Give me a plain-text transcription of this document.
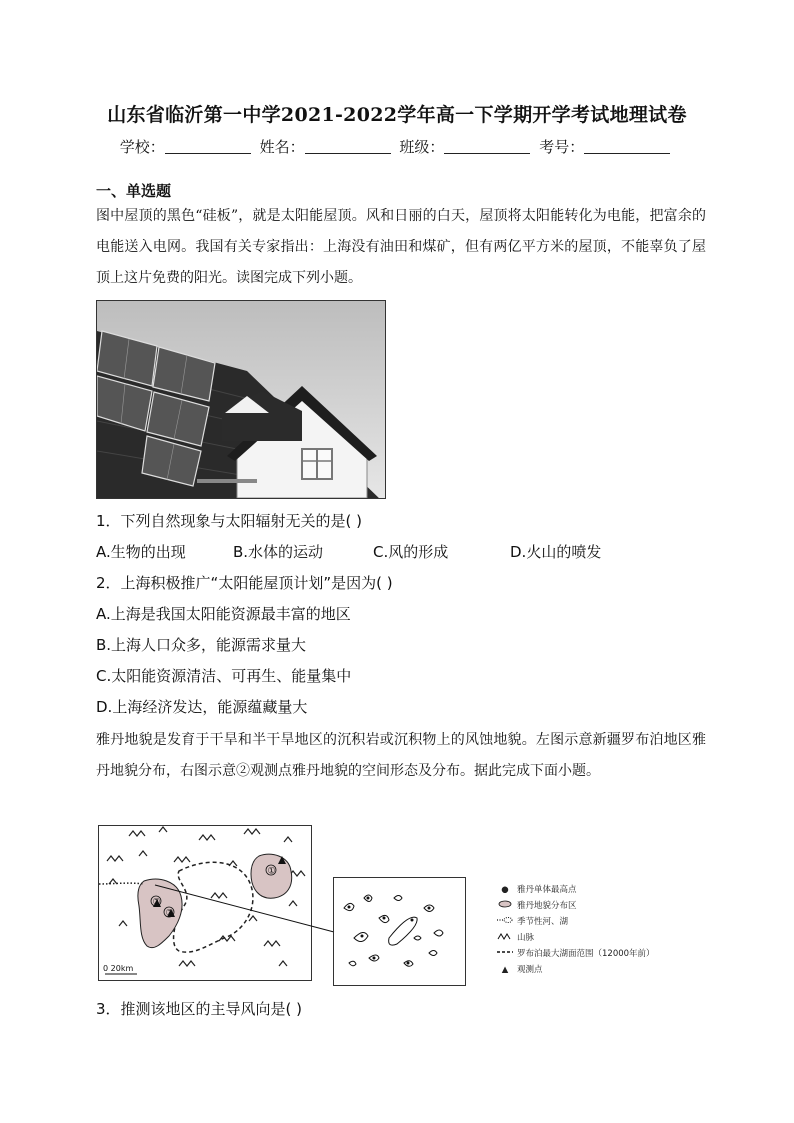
山东省临沂第一中学2021-2022学年高一下学期开学考试地理试卷
学校：	姓名：	班级：	考号：
一、单选题
图中屋顶的黑色“硅板”，就是太阳能屋顶。风和日丽的白天，屋顶将太阳能转化为电能，把富余的电能送入电网。我国有关专家指出：上海没有油田和煤矿，但有两亿平方米的屋顶，不能辜负了屋顶上这片免费的阳光。读图完成下列小题。
1．下列自然现象与太阳辐射无关的是( )
A.生物的出现	B.水体的运动	C.风的形成	D.火山的喷发
2．上海积极推广“太阳能屋顶计划”是因为( )
A.上海是我国太阳能资源最丰富的地区
B.上海人口众多，能源需求量大
C.太阳能资源清洁、可再生、能量集中
D.上海经济发达，能源蕴藏量大
雅丹地貌是发育于干旱和半干旱地区的沉积岩或沉积物上的风蚀地貌。左图示意新疆罗布泊地区雅丹地貌分布，右图示意②观测点雅丹地貌的空间形态及分布。据此完成下面小题。
①
②
③
0 20km
● 雅丹单体最高点
雅丹地貌分布区
季节性河、湖
山脉
罗布泊最大湖面范围（12000年前）
▲ 观测点
3．推测该地区的主导风向是( )
